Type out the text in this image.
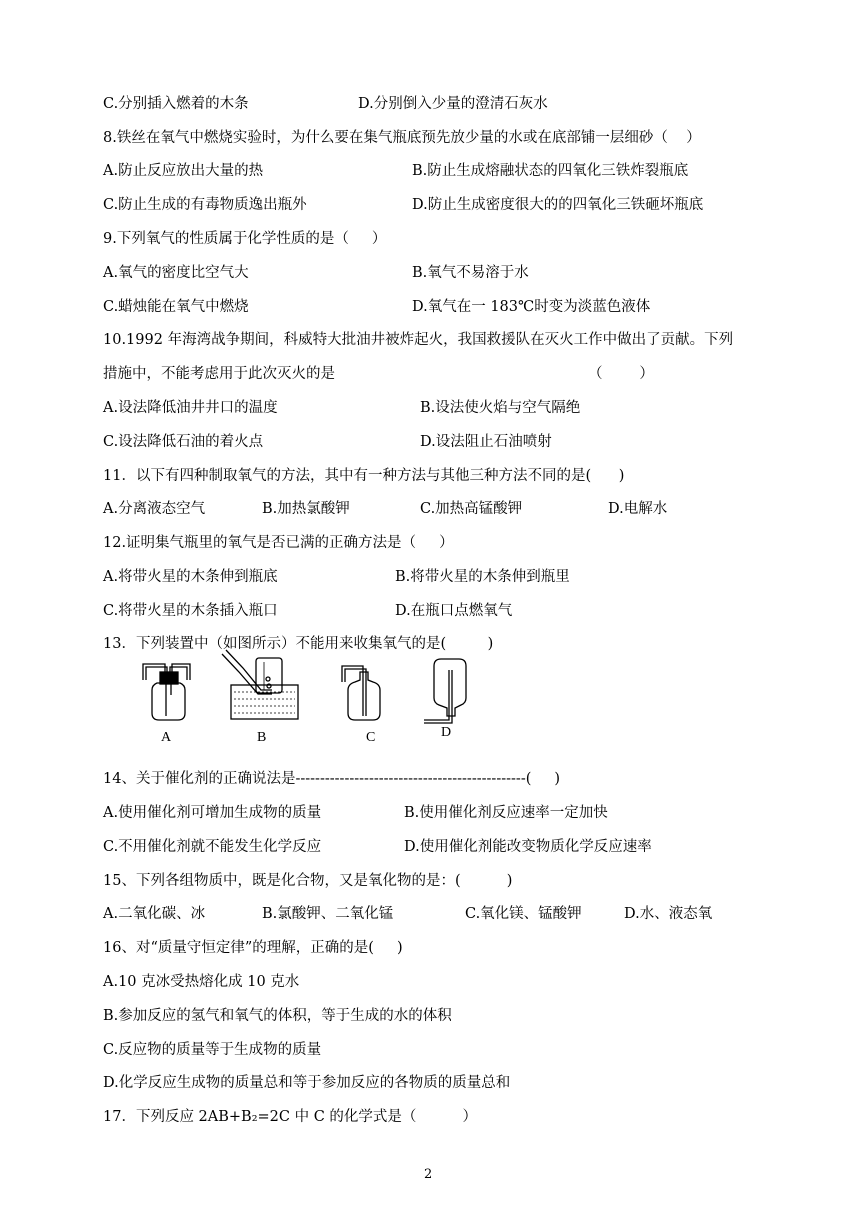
C.分别插入燃着的木条	D.分别倒入少量的澄清石灰水
8.铁丝在氧气中燃烧实验时，为什么要在集气瓶底预先放少量的水或在底部铺一层细砂（    ）
A.防止反应放出大量的热	B.防止生成熔融状态的四氧化三铁炸裂瓶底
C.防止生成的有毒物质逸出瓶外	D.防止生成密度很大的的四氧化三铁砸坏瓶底
9.下列氧气的性质属于化学性质的是（     ）
A.氧气的密度比空气大	B.氧气不易溶于水
C.蜡烛能在氧气中燃烧	D.氧气在一 183℃时变为淡蓝色液体
10.1992 年海湾战争期间，科威特大批油井被炸起火，我国救援队在灭火工作中做出了贡献。下列
措施中，不能考虑用于此次灭火的是	（        ）
A.设法降低油井井口的温度	B.设法使火焰与空气隔绝
C.设法降低石油的着火点	D.设法阻止石油喷射
11．以下有四种制取氧气的方法，其中有一种方法与其他三种方法不同的是(      )
A.分离液态空气	B.加热氯酸钾	C.加热高锰酸钾	D.电解水
12.证明集气瓶里的氧气是否已满的正确方法是（     ）
A.将带火星的木条伸到瓶底	B.将带火星的木条伸到瓶里
C.将带火星的木条插入瓶口	D.在瓶口点燃氧气
13．下列装置中（如图所示）不能用来收集氧气的是(         )
14、关于催化剂的正确说法是-----------------------------------------------(     )
A.使用催化剂可增加生成物的质量	B.使用催化剂反应速率一定加快
C.不用催化剂就不能发生化学反应	D.使用催化剂能改变物质化学反应速率
15、下列各组物质中，既是化合物，又是氧化物的是：(          )
A.二氧化碳、冰	B.氯酸钾、二氧化锰	C.氧化镁、锰酸钾	D.水、液态氧
16、对“质量守恒定律”的理解，正确的是(     )
A.10 克冰受热熔化成 10 克水
B.参加反应的氢气和氧气的体积，等于生成的水的体积
C.反应物的质量等于生成物的质量
D.化学反应生成物的质量总和等于参加反应的各物质的质量总和
17．下列反应 2AB+B₂=2C 中 C 的化学式是（          ）
A	B	C	D
2
